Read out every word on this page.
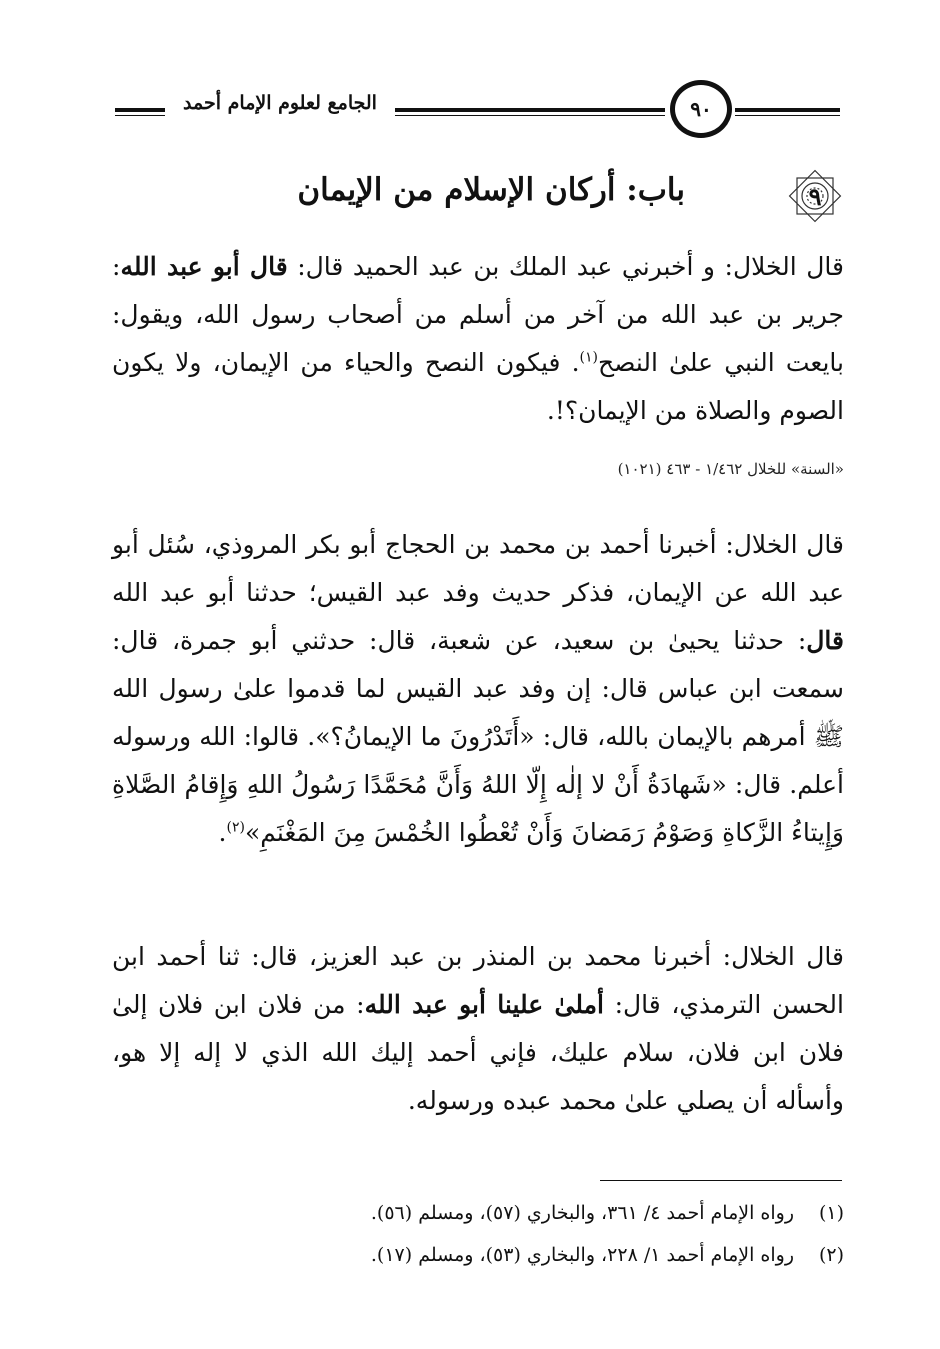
٩٠
الجامع لعلوم الإمام أحمد
٩
باب: أركان الإسلام من الإيمان

قال الخلال: و أخبرني عبد الملك بن عبد الحميد قال: قال أبو عبد الله: جرير بن عبد الله من آخر من أسلم من أصحاب رسول الله، ويقول: بايعت النبي علىٰ النصح$^{(١)}$. فيكون النصح والحياء من الإيمان، ولا يكون الصوم والصلاة من الإيمان؟!.

«السنة» للخلال ١/٤٦٢ - ٤٦٣ (١٠٢١)

قال الخلال: أخبرنا أحمد بن محمد بن الحجاج أبو بكر المروذي، سُئل أبو عبد الله عن الإيمان، فذكر حديث وفد عبد القيس؛ حدثنا أبو عبد الله قال: حدثنا يحيىٰ بن سعيد، عن شعبة، قال: حدثني أبو جمرة، قال: سمعت ابن عباس قال: إن وفد عبد القيس لما قدموا علىٰ رسول الله ﷺ أمرهم بالإيمان بالله، قال: «أَتَدْرُونَ ما الإيمانُ؟». قالوا: الله ورسوله أعلم. قال: «شَهادَةُ أَنْ لا إلٰه إِلّا اللهُ وَأَنَّ مُحَمَّدًا رَسُولُ اللهِ وَإِقامُ الصَّلاةِ وَإِيتاءُ الزَّكاةِ وَصَوْمُ رَمَضانَ وَأَنْ تُعْطُوا الخُمْسَ مِنَ المَغْنَمِ»$^{(٢)}$.

قال الخلال: أخبرنا محمد بن المنذر بن عبد العزيز، قال: ثنا أحمد ابن الحسن الترمذي، قال: أملىٰ علينا أبو عبد الله: من فلان ابن فلان إلىٰ فلان ابن فلان، سلام عليك، فإني أحمد إليك الله الذي لا إله إلا هو، وأسأله أن يصلي علىٰ محمد عبده ورسوله.

(١)
رواه الإمام أحمد ٤/ ٣٦١، والبخاري (٥٧)، ومسلم (٥٦).
(٢)
رواه الإمام أحمد ١/ ٢٢٨، والبخاري (٥٣)، ومسلم (١٧).
